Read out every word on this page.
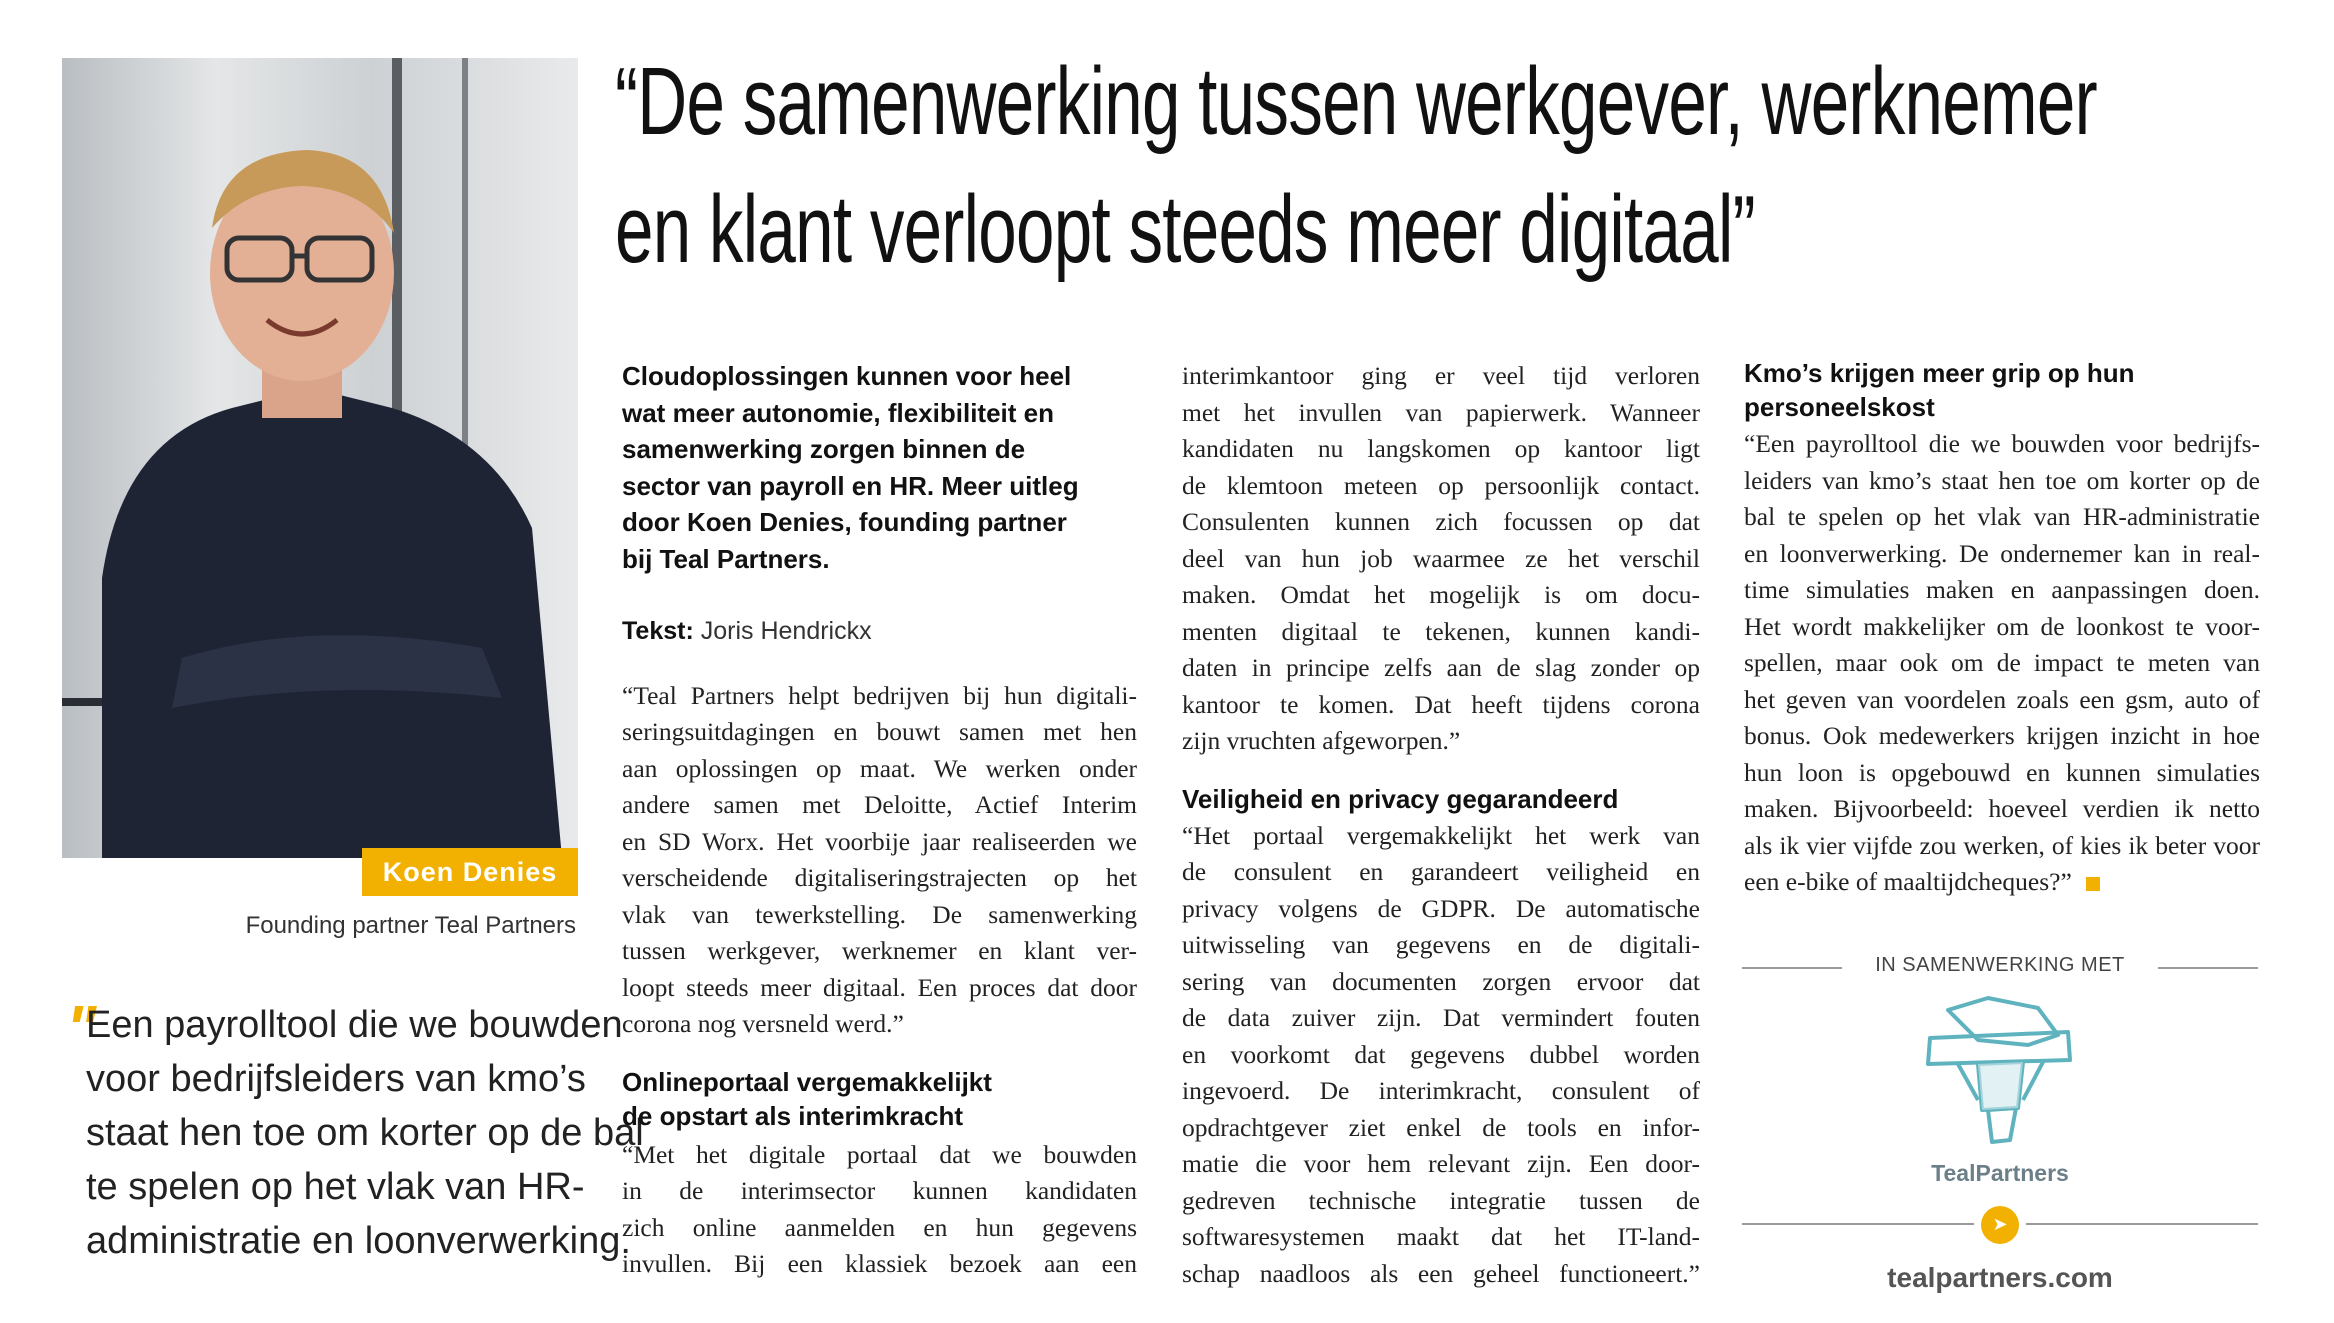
“De samenwerking tussen werkgever, werknemer
en klant verloopt steeds meer digitaal”
Koen Denies
Founding partner Teal Partners
"
Een payrolltool die we bouwden
voor bedrijfsleiders van kmo’s
staat hen toe om korter op de bal
te spelen op het vlak van HR-
administratie en loonverwerking.
Cloudoplossingen kunnen voor heel
wat meer autonomie, flexibiliteit en
samenwerking zorgen binnen de
sector van payroll en HR. Meer uitleg
door Koen Denies, founding partner
bij Teal Partners.
Tekst: Joris Hendrickx
“Teal Partners helpt bedrijven bij hun digitali-
seringsuitdagingen en bouwt samen met hen
aan oplossingen op maat. We werken onder
andere samen met Deloitte, Actief Interim
en SD Worx. Het voorbije jaar realiseerden we
verscheidende digitaliseringstrajecten op het
vlak van tewerkstelling. De samenwerking
tussen werkgever, werknemer en klant ver-
loopt steeds meer digitaal. Een proces dat door
corona nog versneld werd.”
Onlineportaal vergemakkelijkt
de opstart als interimkracht
“Met het digitale portaal dat we bouwden
in de interimsector kunnen kandidaten
zich online aanmelden en hun gegevens
invullen. Bij een klassiek bezoek aan een
interimkantoor ging er veel tijd verloren
met het invullen van papierwerk. Wanneer
kandidaten nu langskomen op kantoor ligt
de klemtoon meteen op persoonlijk contact.
Consulenten kunnen zich focussen op dat
deel van hun job waarmee ze het verschil
maken. Omdat het mogelijk is om docu-
menten digitaal te tekenen, kunnen kandi-
daten in principe zelfs aan de slag zonder op
kantoor te komen. Dat heeft tijdens corona
zijn vruchten afgeworpen.”
Veiligheid en privacy gegarandeerd
“Het portaal vergemakkelijkt het werk van
de consulent en garandeert veiligheid en
privacy volgens de GDPR. De automatische
uitwisseling van gegevens en de digitali-
sering van documenten zorgen ervoor dat
de data zuiver zijn. Dat vermindert fouten
en voorkomt dat gegevens dubbel worden
ingevoerd. De interimkracht, consulent of
opdrachtgever ziet enkel de tools en infor-
matie die voor hem relevant zijn. Een door-
gedreven technische integratie tussen de
softwaresystemen maakt dat het IT-land-
schap naadloos als een geheel functioneert.”
Kmo’s krijgen meer grip op hun
personeelskost
“Een payrolltool die we bouwden voor bedrijfs-
leiders van kmo’s staat hen toe om korter op de
bal te spelen op het vlak van HR-administratie
en loonverwerking. De ondernemer kan in real-
time simulaties maken en aanpassingen doen.
Het wordt makkelijker om de loonkost te voor-
spellen, maar ook om de impact te meten van
het geven van voordelen zoals een gsm, auto of
bonus. Ook medewerkers krijgen inzicht in hoe
hun loon is opgebouwd en kunnen simulaties
maken. Bijvoorbeeld: hoeveel verdien ik netto
als ik vier vijfde zou werken, of kies ik beter voor
een e-bike of maaltijdcheques?”
IN SAMENWERKING MET
TealPartners
➤
tealpartners.com
